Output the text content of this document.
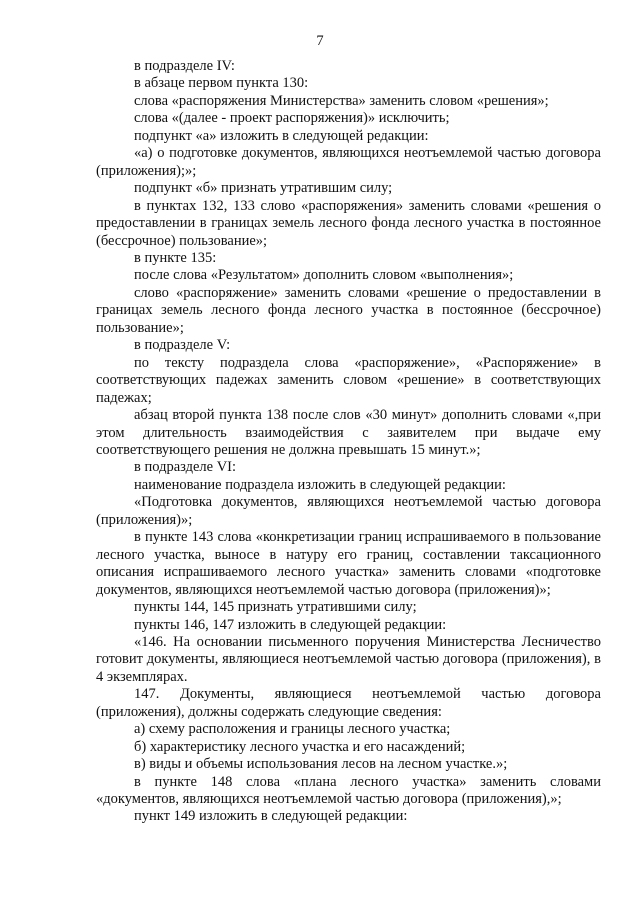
7

в подразделе IV:

в абзаце первом пункта 130:

слова «распоряжения Министерства» заменить словом «решения»;

слова «(далее - проект распоряжения)» исключить;

подпункт «а» изложить в следующей редакции:

«а) о подготовке документов, являющихся неотъемлемой частью договора (приложения);»;

подпункт «б» признать утратившим силу;

в пунктах 132, 133 слово «распоряжения» заменить словами «решения о предоставлении в границах земель лесного фонда лесного участка в постоянное (бессрочное) пользование»;

в пункте 135:

после слова «Результатом» дополнить словом «выполнения»;

слово «распоряжение» заменить словами «решение о предоставлении в границах земель лесного фонда лесного участка в постоянное (бессрочное) пользование»;

в подразделе V:

по тексту подраздела слова «распоряжение», «Распоряжение» в соответствующих падежах заменить словом «решение» в соответствующих падежах;

абзац второй пункта 138 после слов «30 минут» дополнить словами «,при этом длительность взаимодействия с заявителем при выдаче ему соответствующего решения не должна превышать 15 минут.»;

в подразделе VI:

наименование подраздела изложить в следующей редакции:

«Подготовка документов, являющихся неотъемлемой частью договора (приложения)»;

в пункте 143 слова «конкретизации границ испрашиваемого в пользование лесного участка, выносе в натуру его границ, составлении таксационного описания испрашиваемого лесного участка» заменить словами «подготовке документов, являющихся неотъемлемой частью договора (приложения)»;

пункты 144, 145 признать утратившими силу;

пункты 146, 147 изложить в следующей редакции:

«146. На основании письменного поручения Министерства Лесничество готовит документы, являющиеся неотъемлемой частью договора (приложения), в 4 экземплярах.

147. Документы, являющиеся неотъемлемой частью договора (приложения), должны содержать следующие сведения:

а) схему расположения и границы лесного участка;

б) характеристику лесного участка и его насаждений;

в) виды и объемы использования лесов на лесном участке.»;

в пункте 148 слова «плана лесного участка» заменить словами «документов, являющихся неотъемлемой частью договора (приложения),»;

пункт 149 изложить в следующей редакции:
